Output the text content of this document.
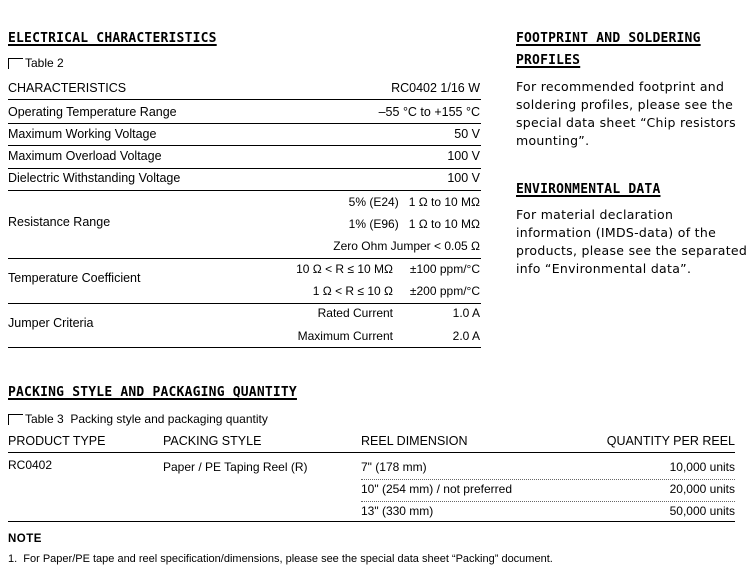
ELECTRICAL CHARACTERISTICS
Table 2
CHARACTERISTICS	RC0402 1/16 W
Operating Temperature Range	–55 °C to +155 °C
Maximum Working Voltage	50 V
Maximum Overload Voltage	100 V
Dielectric Withstanding Voltage	100 V
Resistance Range
5% (E24)   1 Ω to 10 MΩ
1% (E96)   1 Ω to 10 MΩ
Zero Ohm Jumper < 0.05 Ω
Temperature Coefficient
10 Ω < R ≤ 10 MΩ ±100 ppm/°C
1 Ω < R ≤ 10 Ω ±200 ppm/°C
Jumper Criteria
Rated Current	1.0 A
Maximum Current	2.0 A
FOOTPRINT AND SOLDERING
PROFILES
For recommended footprint and soldering profiles, please see the special data sheet “Chip resistors mounting”.
ENVIRONMENTAL DATA
For material declaration information (IMDS-data) of the products, please see the separated info “Environmental data”.
PACKING STYLE AND PACKAGING QUANTITY
Table 3 Packing style and packaging quantity
PRODUCT TYPE	PACKING STYLE	REEL DIMENSION	QUANTITY PER REEL
RC0402	Paper / PE Taping Reel (R)	7" (178 mm)	10,000 units
10" (254 mm) / not preferred	20,000 units
13" (330 mm)	50,000 units
NOTE
1.  For Paper/PE tape and reel specification/dimensions, please see the special data sheet “Packing” document.
